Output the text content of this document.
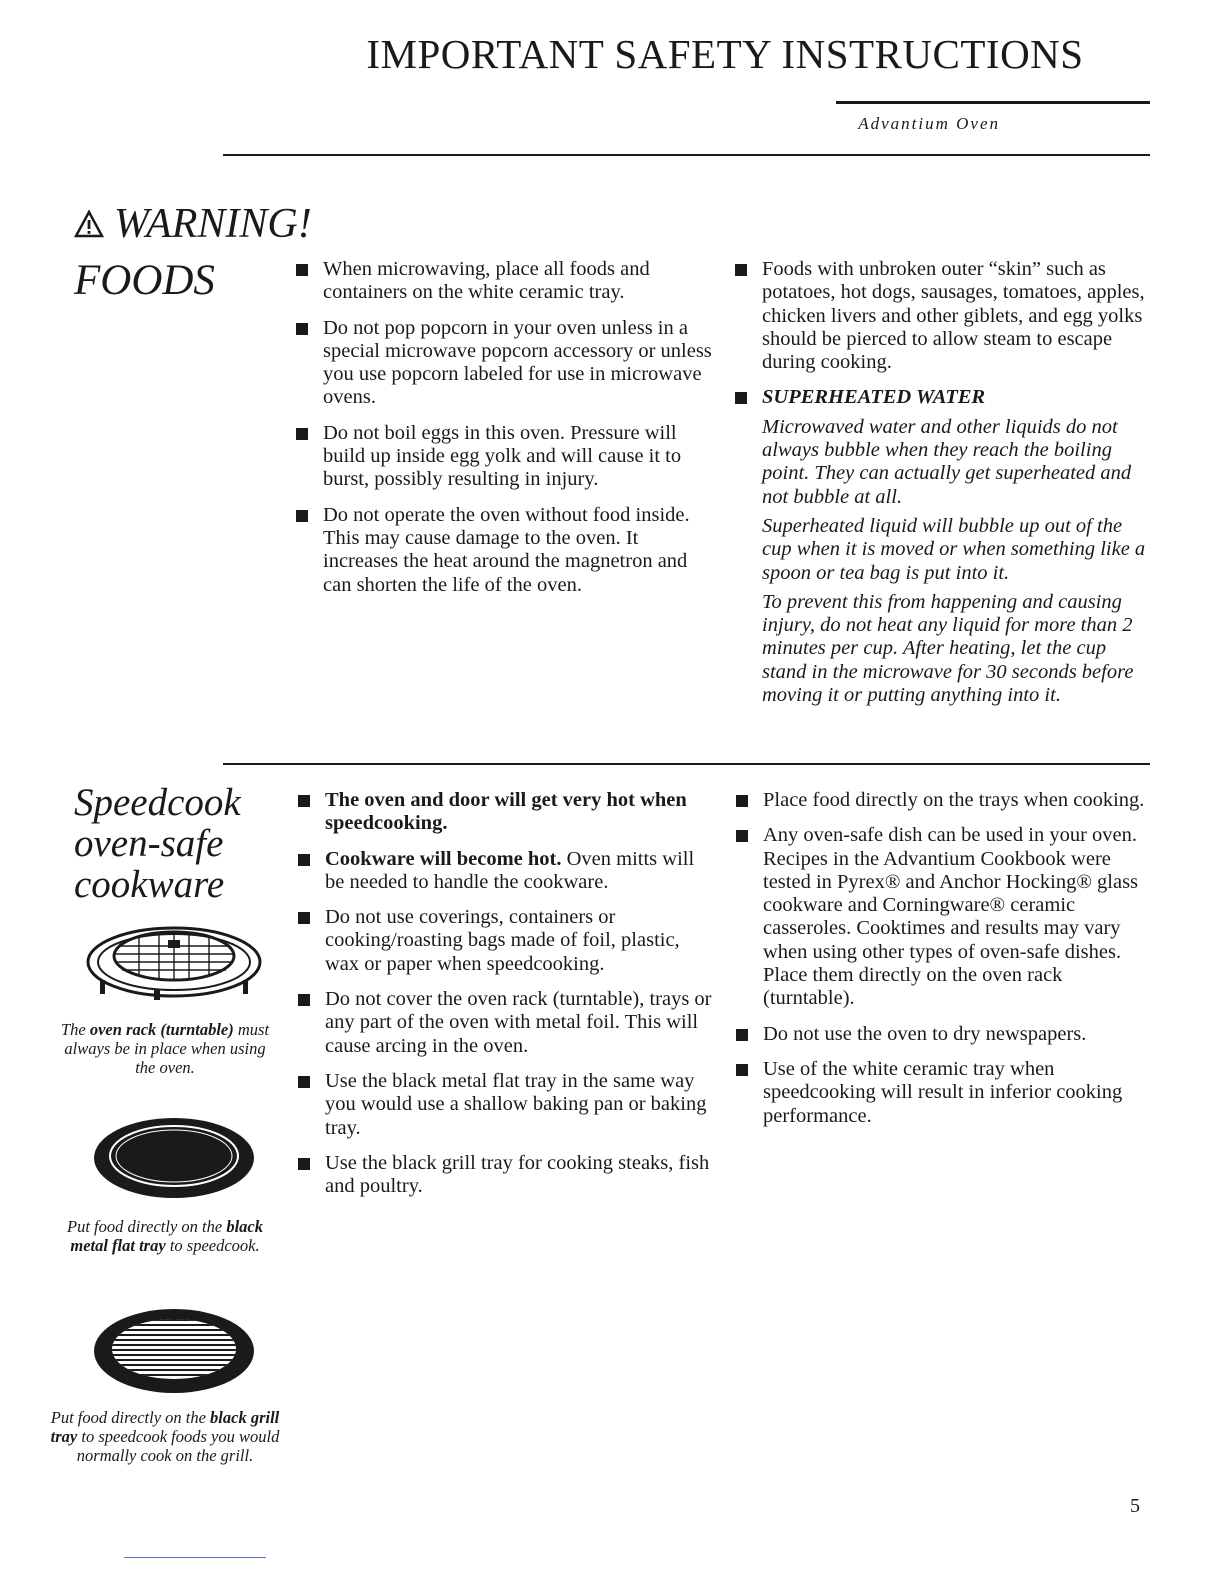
IMPORTANT SAFETY INSTRUCTIONS
Advantium Oven
WARNING!
FOODS	When microwaving, place all foods and containers on the white ceramic tray.
Do not pop popcorn in your oven unless in a special microwave popcorn accessory or unless you use popcorn labeled for use in microwave ovens.
Do not boil eggs in this oven. Pressure will build up inside egg yolk and will cause it to burst, possibly resulting in injury.
Do not operate the oven without food inside. This may cause damage to the oven. It increases the heat around the magnetron and can shorten the life of the oven.
Foods with unbroken outer “skin” such as potatoes, hot dogs, sausages, tomatoes, apples, chicken livers and other giblets, and egg yolks should be pierced to allow steam to escape during cooking.
SUPERHEATED WATER
Microwaved water and other liquids do not always bubble when they reach the boiling point. They can actually get superheated and not bubble at all.
Superheated liquid will bubble up out of the cup when it is moved or when something like a spoon or tea bag is put into it.
To prevent this from happening and causing injury, do not heat any liquid for more than 2 minutes per cup. After heating, let the cup stand in the microwave for 30 seconds before moving it or putting anything into it.
Speedcook
oven-safe
cookware
The oven rack (turntable) must always be in place when using the oven.
Put food directly on the black metal flat tray to speedcook.
Put food directly on the black grill tray to speedcook foods you would normally cook on the grill.
The oven and door will get very hot when speedcooking.
Cookware will become hot. Oven mitts will be needed to handle the cookware.
Do not use coverings, containers or cooking/roasting bags made of foil, plastic, wax or paper when speedcooking.
Do not cover the oven rack (turntable), trays or any part of the oven with metal foil. This will cause arcing in the oven.
Use the black metal flat tray in the same way you would use a shallow baking pan or baking tray.
Use the black grill tray for cooking steaks, fish and poultry.
Place food directly on the trays when cooking.
Any oven-safe dish can be used in your oven. Recipes in the Advantium Cookbook were tested in Pyrex® and Anchor Hocking® glass cookware and Corningware® ceramic casseroles. Cooktimes and results may vary when using other types of oven-safe dishes. Place them directly on the oven rack (turntable).
Do not use the oven to dry newspapers.
Use of the white ceramic tray when speedcooking will result in inferior cooking performance.
5
